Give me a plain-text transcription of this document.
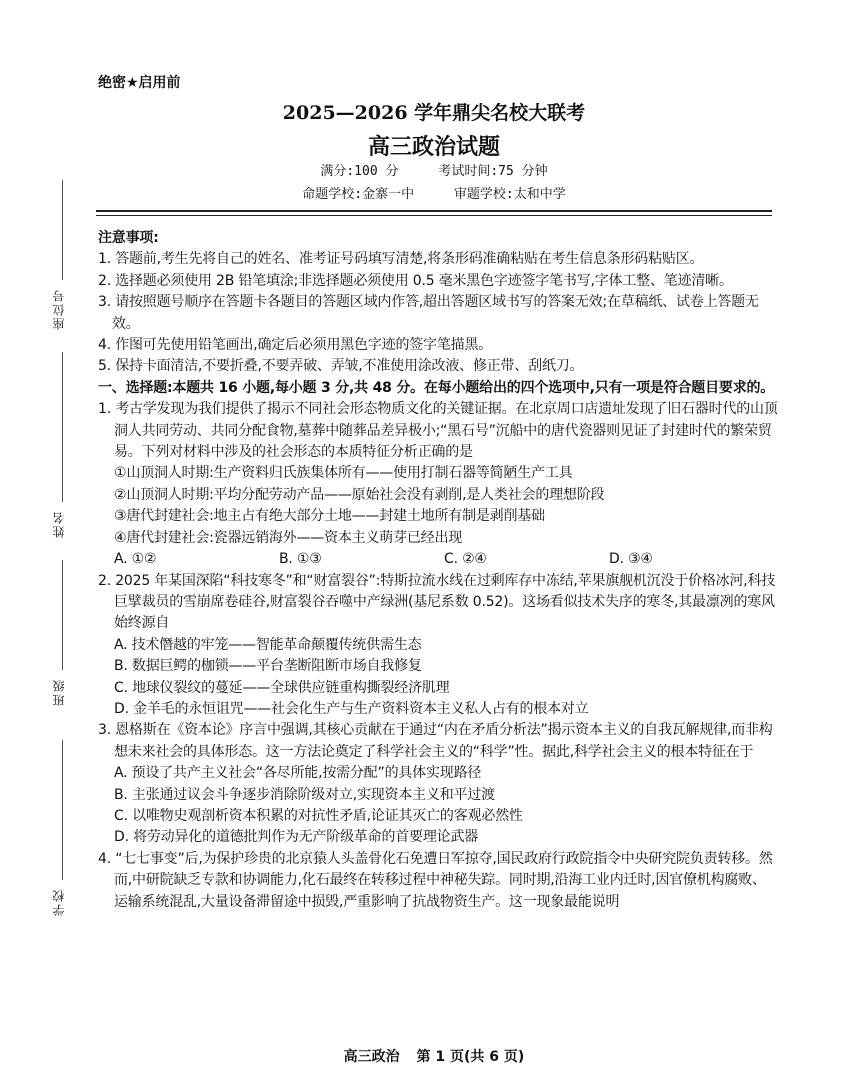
绝密★启用前
2025—2026 学年鼎尖名校大联考
高三政治试题
满分:100 分	考试时间:75 分钟
命题学校:金寨一中	审题学校:太和中学
座位号
姓名
班级
学校

注意事项:

1. 答题前,考生先将自己的姓名、准考证号码填写清楚,将条形码准确粘贴在考生信息条形码粘贴区。

2. 选择题必须使用 2B 铅笔填涂;非选择题必须使用 0.5 毫米黑色字迹签字笔书写,字体工整、笔迹清晰。

3. 请按照题号顺序在答题卡各题目的答题区域内作答,超出答题区域书写的答案无效;在草稿纸、试卷上答题无效。

4. 作图可先使用铅笔画出,确定后必须用黑色字迹的签字笔描黑。

5. 保持卡面清洁,不要折叠,不要弄破、弄皱,不准使用涂改液、修正带、刮纸刀。

一、选择题:本题共 16 小题,每小题 3 分,共 48 分。在每小题给出的四个选项中,只有一项是符合题目要求的。

1. 考古学发现为我们提供了揭示不同社会形态物质文化的关键证据。在北京周口店遗址发现了旧石器时代的山顶洞人共同劳动、共同分配食物,墓葬中随葬品差异极小;“黑石号”沉船中的唐代瓷器则见证了封建时代的繁荣贸易。下列对材料中涉及的社会形态的本质特征分析正确的是

①山顶洞人时期:生产资料归氏族集体所有——使用打制石器等简陋生产工具

②山顶洞人时期:平均分配劳动产品——原始社会没有剥削,是人类社会的理想阶段

③唐代封建社会:地主占有绝大部分土地——封建土地所有制是剥削基础

④唐代封建社会:瓷器远销海外——资本主义萌芽已经出现

A. ①②	B. ①③	C. ②④	D. ③④

2. 2025 年某国深陷“科技寒冬”和“财富裂谷”:特斯拉流水线在过剩库存中冻结,苹果旗舰机沉没于价格冰河,科技巨擘裁员的雪崩席卷硅谷,财富裂谷吞噬中产绿洲(基尼系数 0.52)。这场看似技术失序的寒冬,其最凛冽的寒风始终源自

A. 技术僭越的牢笼——智能革命颠覆传统供需生态

B. 数据巨鳄的枷锁——平台垄断阻断市场自我修复

C. 地球仪裂纹的蔓延——全球供应链重构撕裂经济肌理

D. 金羊毛的永恒诅咒——社会化生产与生产资料资本主义私人占有的根本对立

3. 恩格斯在《资本论》序言中强调,其核心贡献在于通过“内在矛盾分析法”揭示资本主义的自我瓦解规律,而非构想未来社会的具体形态。这一方法论奠定了科学社会主义的“科学”性。据此,科学社会主义的根本特征在于

A. 预设了共产主义社会“各尽所能,按需分配”的具体实现路径

B. 主张通过议会斗争逐步消除阶级对立,实现资本主义和平过渡

C. 以唯物史观剖析资本积累的对抗性矛盾,论证其灭亡的客观必然性

D. 将劳动异化的道德批判作为无产阶级革命的首要理论武器

4. “七七事变”后,为保护珍贵的北京猿人头盖骨化石免遭日军掠夺,国民政府行政院指令中央研究院负责转移。然而,中研院缺乏专款和协调能力,化石最终在转移过程中神秘失踪。同时期,沿海工业内迁时,因官僚机构腐败、运输系统混乱,大量设备滞留途中损毁,严重影响了抗战物资生产。这一现象最能说明

高三政治 第 1 页(共 6 页)
